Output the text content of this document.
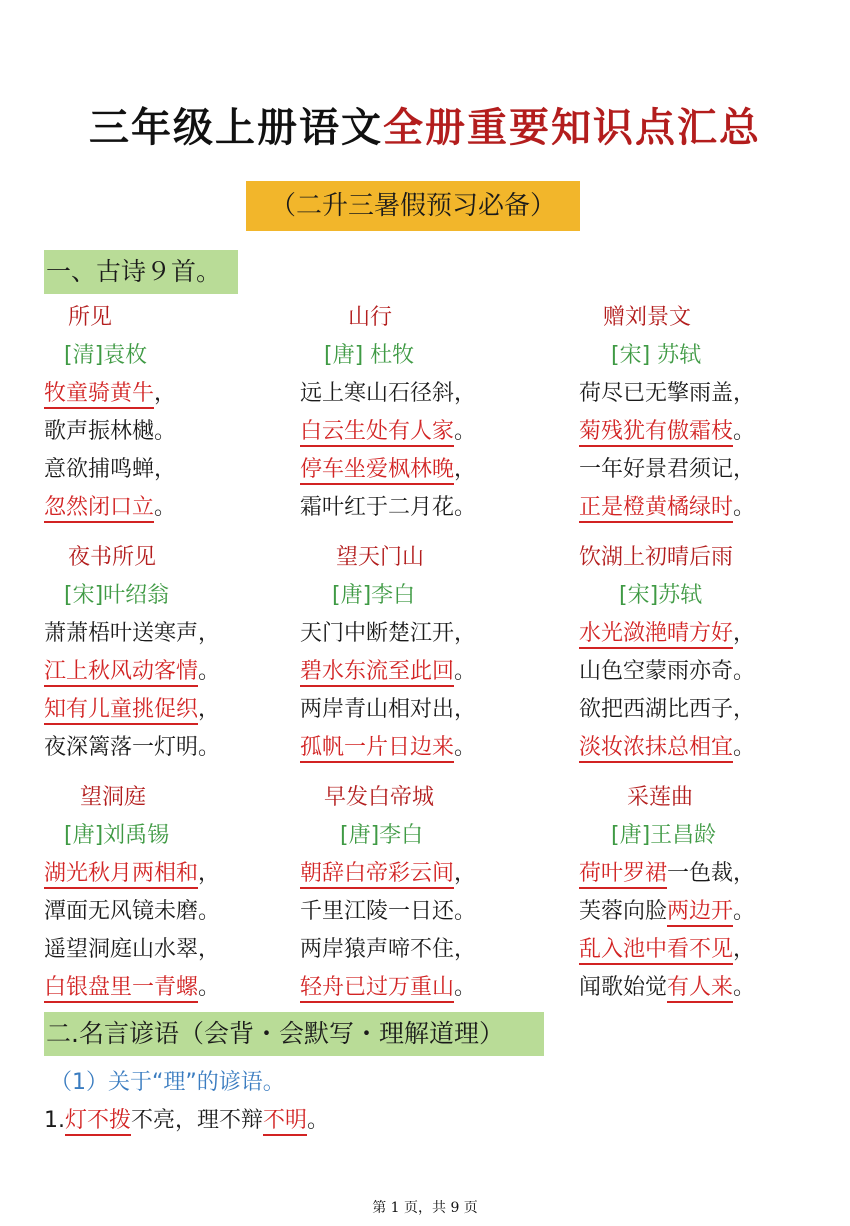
三年级上册语文全册重要知识点汇总
（二升三暑假预习必备）
一、古诗９首。
所见
[清]袁枚
牧童骑黄牛，
歌声振林樾。
意欲捕鸣蝉，
忽然闭口立。
山行
[唐] 杜牧
远上寒山石径斜，
白云生处有人家。
停车坐爱枫林晚，
霜叶红于二月花。
赠刘景文
[宋] 苏轼
荷尽已无擎雨盖，
菊残犹有傲霜枝。
一年好景君须记，
正是橙黄橘绿时。
夜书所见
[宋]叶绍翁
萧萧梧叶送寒声，
江上秋风动客情。
知有儿童挑促织，
夜深篱落一灯明。
望天门山
[唐]李白
天门中断楚江开，
碧水东流至此回。
两岸青山相对出，
孤帆一片日边来。
饮湖上初晴后雨
[宋]苏轼
水光潋滟晴方好，
山色空蒙雨亦奇。
欲把西湖比西子，
淡妆浓抹总相宜。
望洞庭
[唐]刘禹锡
湖光秋月两相和，
潭面无风镜未磨。
遥望洞庭山水翠，
白银盘里一青螺。
早发白帝城
[唐]李白
朝辞白帝彩云间，
千里江陵一日还。
两岸猿声啼不住，
轻舟已过万重山。
采莲曲
[唐]王昌龄
荷叶罗裙一色裁，
芙蓉向脸两边开。
乱入池中看不见，
闻歌始觉有人来。
二.名言谚语（会背・会默写・理解道理）
（1）关于“理”的谚语。
1.灯不拨不亮，理不辩不明。
第 1 页，共 9 页
